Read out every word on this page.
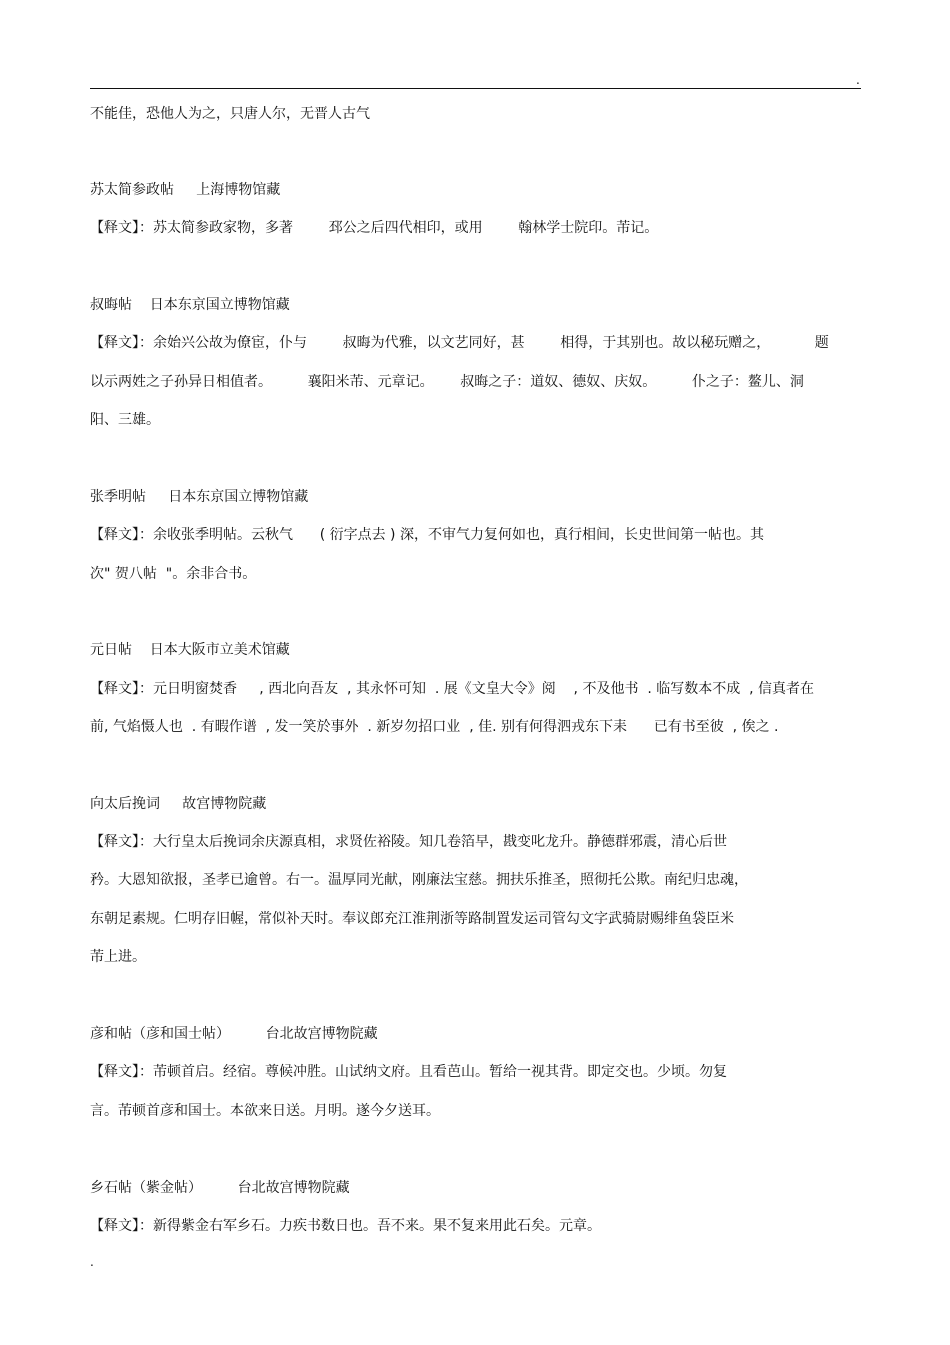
.
不能佳，恐他人为之，只唐人尔，无晋人古气
苏太简参政帖     上海博物馆藏
【释文】：苏太简参政家物，多著        邳公之后四代相印，或用        翰林学士院印。芾记。
叔晦帖    日本东京国立博物馆藏
【释文】：余始兴公故为僚宦，仆与        叔晦为代雅，以文艺同好，甚        相得，于其别也。故以秘玩赠之，          题
以示两姓之子孙异日相值者。        襄阳米芾、元章记。      叔晦之子：道奴、德奴、庆奴。        仆之子：鳌儿、洞
阳、三雄。
张季明帖     日本东京国立博物馆藏
【释文】：余收张季明帖。云秋气      ( 衍字点去 ) 深，不审气力复何如也，真行相间，长史世间第一帖也。其
次" 贺八帖  "。余非合书。
元日帖    日本大阪市立美术馆藏
【释文】：元日明窗焚香     , 西北向吾友  , 其永怀可知  . 展《文皇大令》阅    , 不及他书  . 临写数本不成  , 信真者在
前, 气焰慑人也  . 有暇作谱  , 发一笑於事外  . 新岁勿招口业  , 佳. 别有何得泗戎东下耒      已有书至彼  , 俟之 .
向太后挽词     故宫博物院藏
【释文】：大行皇太后挽词余庆源真相，求贤佐裕陵。知几卷箔早，戡变叱龙升。静德群邪震，清心后世
矜。大恩知欲报，圣孝已逾曾。右一。温厚同光献，刚廉法宝慈。拥扶乐推圣，照彻托公欺。南纪归忠魂，
东朝足素规。仁明存旧幄，常似补天时。奉议郎充江淮荆浙等路制置发运司管勾文字武骑尉赐绯鱼袋臣米
芾上进。
彦和帖（彦和国士帖）        台北故宫博物院藏
【释文】：芾顿首启。经宿。尊候冲胜。山试纳文府。且看芭山。暂给一视其背。即定交也。少顷。勿复
言。芾顿首彦和国士。本欲来日送。月明。遂今夕送耳。
乡石帖（紫金帖）        台北故宫博物院藏
【释文】：新得紫金右军乡石。力疾书数日也。吾不来。果不复来用此石矣。元章。
.
